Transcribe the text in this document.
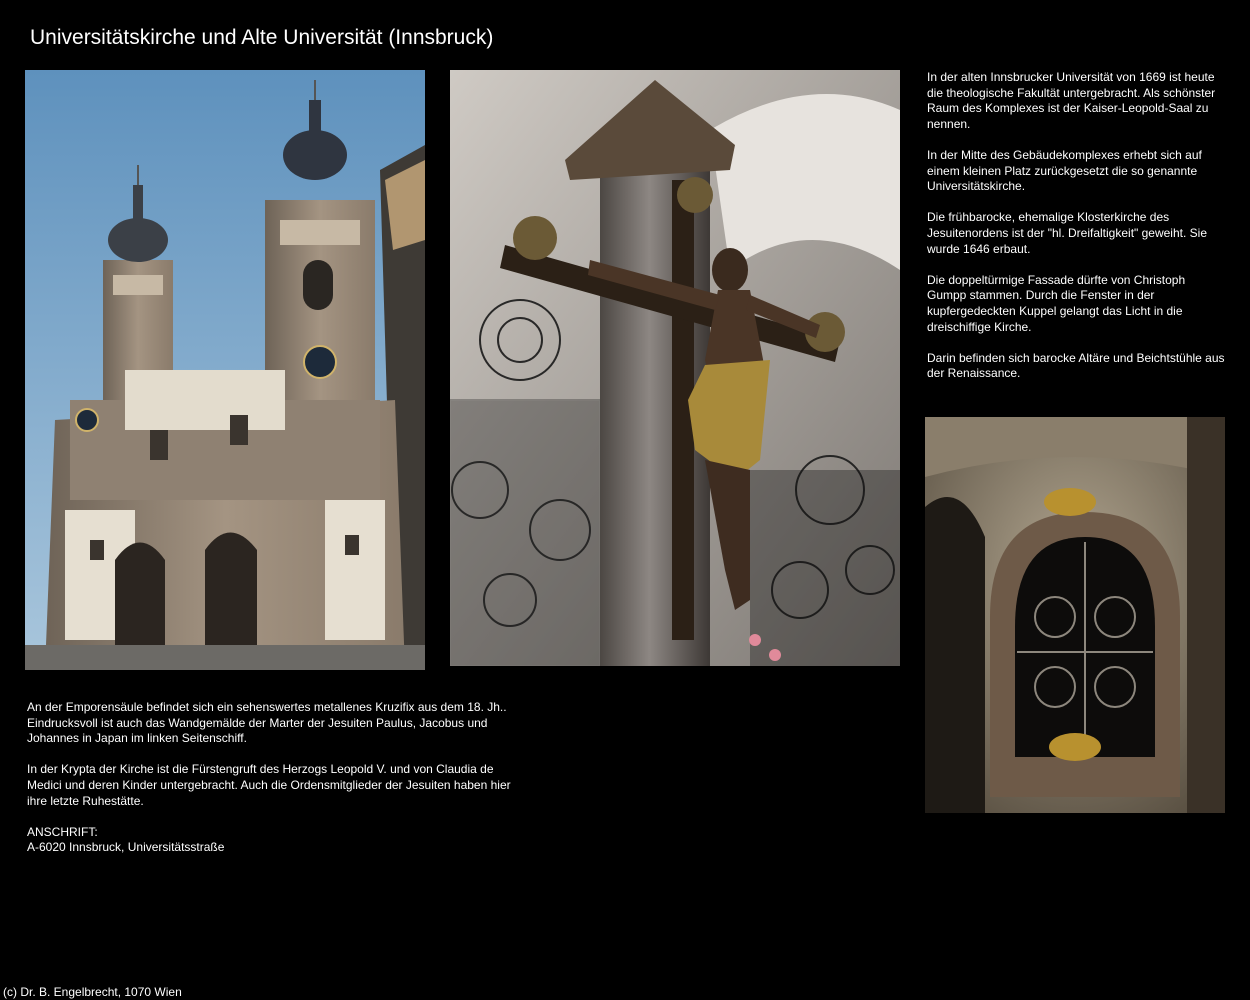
Universitätskirche und Alte Universität (Innsbruck)

In der alten Innsbrucker Universität von 1669 ist heute die theologische Fakultät untergebracht. Als schönster Raum des Komplexes ist der Kaiser-Leopold-Saal zu nennen.

In der Mitte des Gebäudekomplexes erhebt sich auf einem kleinen Platz zurückgesetzt die so genannte Universitätskirche.

Die frühbarocke, ehemalige Klosterkirche des Jesuitenordens ist der "hl. Dreifaltigkeit" geweiht. Sie wurde 1646 erbaut.

Die doppeltürmige Fassade dürfte von Christoph Gumpp stammen. Durch die Fenster in der kupfergedeckten Kuppel gelangt das Licht in die dreischiffige Kirche.

Darin befinden sich barocke Altäre und Beichtstühle aus der Renaissance.

An der Emporensäule befindet sich ein sehenswertes metallenes Kruzifix aus dem 18. Jh.. Eindrucksvoll ist auch das Wandgemälde der Marter der Jesuiten Paulus, Jacobus und Johannes in Japan im linken Seitenschiff.

In der Krypta der Kirche ist die Fürstengruft des Herzogs Leopold V. und von Claudia de Medici und deren Kinder untergebracht. Auch die Ordensmitglieder der Jesuiten haben hier ihre letzte Ruhestätte.

ANSCHRIFT:
A-6020 Innsbruck, Universitätsstraße
(c) Dr. B. Engelbrecht, 1070 Wien
